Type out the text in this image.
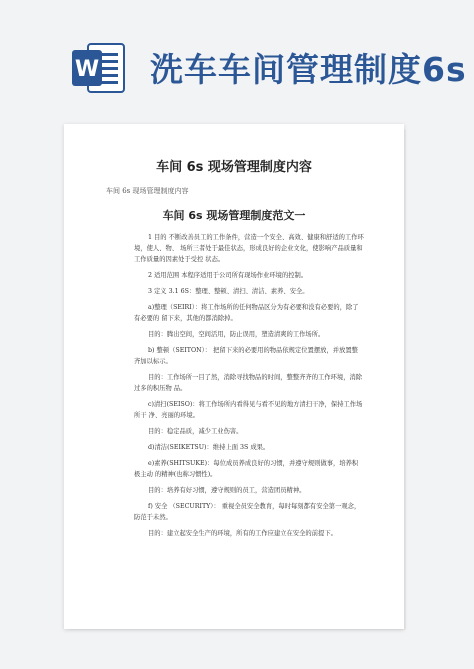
W 洗车车间管理制度6s
车间 6s 现场管理制度内容
车间 6s 现场管理制度内容
车间 6s 现场管理制度范文一

1 目的 不断改善员工的工作条件，营造一个安全、高效、健康和舒适的工作环境，使人、物、 场所三者处于最佳状态，形成良好的企业文化，使影响产品质量和工作质量的因素处于受控 状态。

2 适用范围 本程序适用于公司所有现场作业环境的控制。

3 定义 3.1 6S：整理、整顿、清扫、清洁、素养、安全。

a)整理（SEIRI）：将工作场所的任何物品区分为有必要和没有必要的，除了有必要的 留下来，其他的都消除掉。

目的：腾出空间，空间活用，防止误用，塑造清爽的工作场所。

b) 整顿（SEITON）： 把留下来的必要用的物品依规定位置摆放，并放置整齐加以标示。

目的：工作场所一目了然，消除寻找物品的时间，整整齐齐的工作环境，消除过多的积压物 品。

c)清扫(SEISO)：将工作场所内看得见与看不见的地方清扫干净，保持工作场所干 净、亮丽的环境。

目的：稳定品质，减少工业伤害。

d)清洁(SEIKETSU)：维持上面 3S 成果。

e)素养(SHITSUKE)：每位成员养成良好的习惯，并遵守规则做事，培养积极主动 的精神(也称习惯性)。

目的：培养有好习惯，遵守规则的员工，营造团员精神。

f) 安全 （SECURITY）： 重视全员安全教育，每时每刻都有安全第一观念，防范于未然。

目的：建立起安全生产的环境，所有的工作应建立在安全的前提下。
